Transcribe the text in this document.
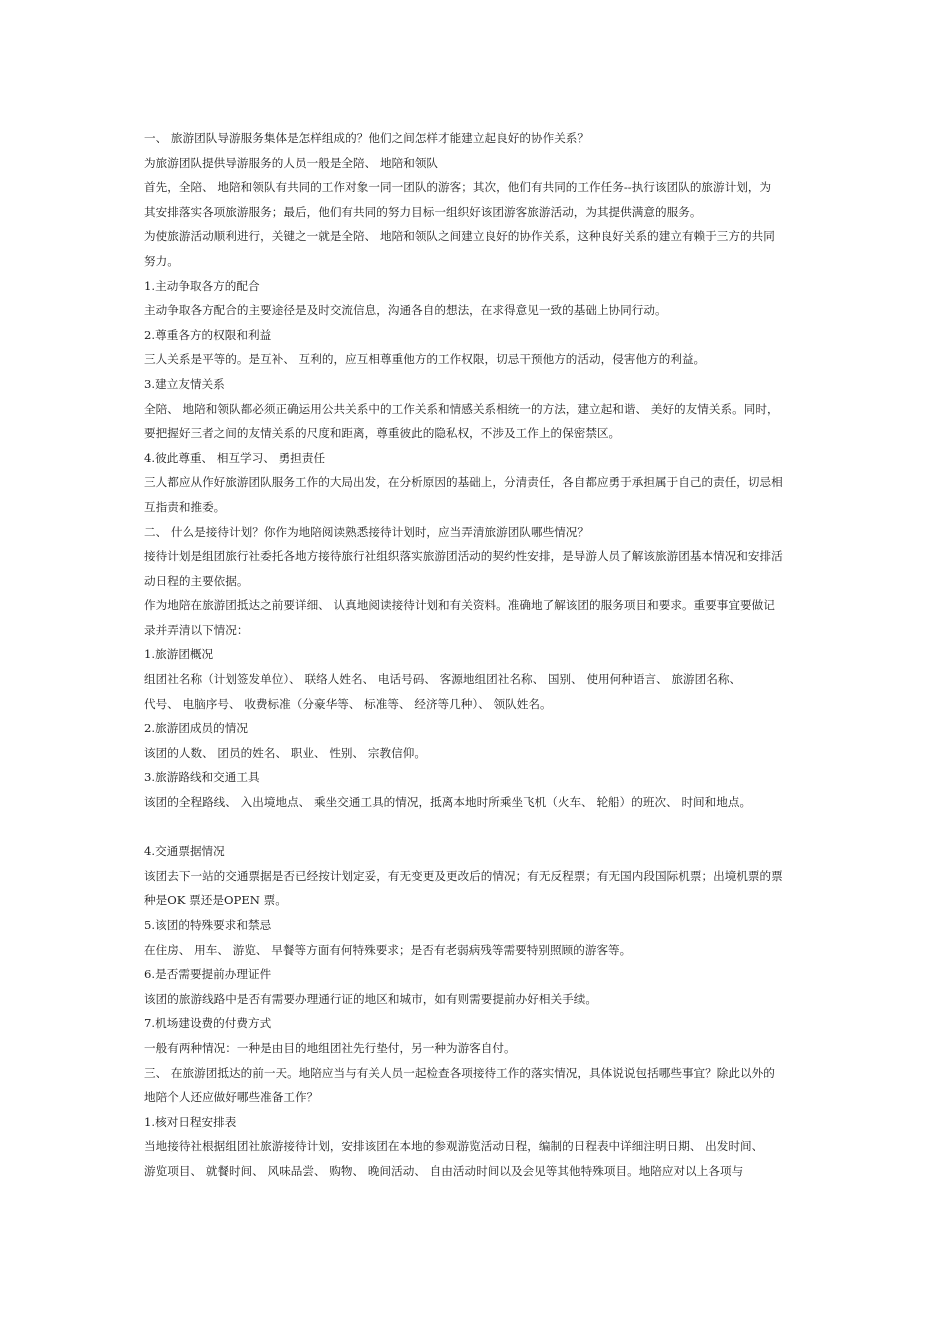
一、 旅游团队导游服务集体是怎样组成的？他们之间怎样才能建立起良好的协作关系？
为旅游团队提供导游服务的人员一般是全陪、 地陪和领队
首先，全陪、 地陪和领队有共同的工作对象一同一团队的游客；其次，他们有共同的工作任务--执行该团队的旅游计划，为
其安排落实各项旅游服务；最后，他们有共同的努力目标一组织好该团游客旅游活动，为其提供满意的服务。
为使旅游活动顺利进行，关键之一就是全陪、 地陪和领队之间建立良好的协作关系，这种良好关系的建立有赖于三方的共同
努力。
1.主动争取各方的配合
主动争取各方配合的主要途径是及时交流信息，沟通各自的想法，在求得意见一致的基础上协同行动。
2.尊重各方的权限和利益
三人关系是平等的。是互补、 互利的，应互相尊重他方的工作权限，切忌干预他方的活动，侵害他方的利益。
3.建立友情关系
全陪、 地陪和领队都必须正确运用公共关系中的工作关系和情感关系相统一的方法，建立起和谐、 美好的友情关系。同时，
要把握好三者之间的友情关系的尺度和距离，尊重彼此的隐私权，不涉及工作上的保密禁区。
4.彼此尊重、 相互学习、 勇担责任
三人都应从作好旅游团队服务工作的大局出发，在分析原因的基础上，分清责任，各自都应勇于承担属于自己的责任，切忌相
互指责和推委。
二、 什么是接待计划？你作为地陪阅读熟悉接待计划时，应当弄清旅游团队哪些情况？
接待计划是组团旅行社委托各地方接待旅行社组织落实旅游团活动的契约性安排，是导游人员了解该旅游团基本情况和安排活
动日程的主要依据。
作为地陪在旅游团抵达之前要详细、 认真地阅读接待计划和有关资料。准确地了解该团的服务项目和要求。重要事宜要做记
录并弄清以下情况：
1.旅游团概况
组团社名称（计划签发单位）、 联络人姓名、 电话号码、 客源地组团社名称、 国别、 使用何种语言、 旅游团名称、
代号、 电脑序号、 收费标准（分豪华等、 标准等、 经济等几种）、 领队姓名。
2.旅游团成员的情况
该团的人数、 团员的姓名、 职业、 性别、 宗教信仰。
3.旅游路线和交通工具
该团的全程路线、 入出境地点、 乘坐交通工具的情况，抵离本地时所乘坐飞机（火车、 轮船）的班次、 时间和地点。
4.交通票据情况
该团去下一站的交通票据是否已经按计划定妥，有无变更及更改后的情况；有无反程票；有无国内段国际机票；出境机票的票
种是OK 票还是OPEN 票。
5.该团的特殊要求和禁忌
在住房、 用车、 游览、 早餐等方面有何特殊要求；是否有老弱病残等需要特别照顾的游客等。
6.是否需要提前办理证件
该团的旅游线路中是否有需要办理通行证的地区和城市，如有则需要提前办好相关手续。
7.机场建设费的付费方式
一般有两种情况：一种是由目的地组团社先行垫付，另一种为游客自付。
三、 在旅游团抵达的前一天。地陪应当与有关人员一起检查各项接待工作的落实情况，具体说说包括哪些事宜？除此以外的
地陪个人还应做好哪些准备工作？
1.核对日程安排表
当地接待社根据组团社旅游接待计划，安排该团在本地的参观游览活动日程，编制的日程表中详细注明日期、 出发时间、
游览项目、 就餐时间、 风味品尝、 购物、 晚间活动、 自由活动时间以及会见等其他特殊项目。地陪应对以上各项与
